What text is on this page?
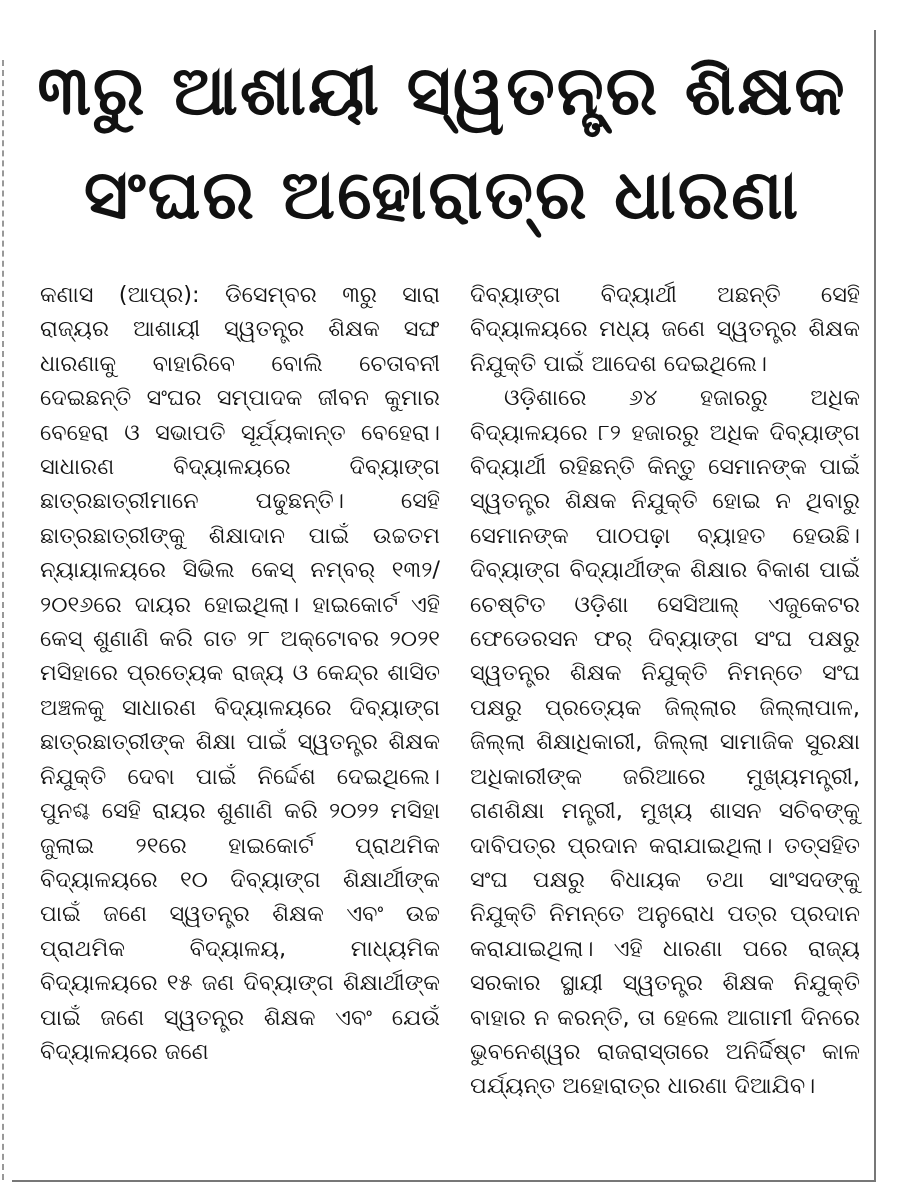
୩ରୁ ଆଶାୟୀ ସ୍ୱତନ୍ତ୍ର ଶିକ୍ଷକ
ସଂଘର ଅହୋରାତ୍ର ଧାରଣା

କଣାସ (ଆପ୍ର): ଡିସେମ୍ବର ୩ରୁ ସାରା ରାଜ୍ୟର ଆଶାୟୀ ସ୍ୱତନ୍ତ୍ର ଶିକ୍ଷକ ସଙ୍ଘ ଧାରଣାକୁ ବାହାରିବେ ବୋଲି ଚେତାବନୀ ଦେଇଛନ୍ତି ସଂଘର ସମ୍ପାଦକ ଜୀବନ କୁମାର ବେହେରା ଓ ସଭାପତି ସୂର୍ଯ୍ୟକାନ୍ତ ବେହେରା। ସାଧାରଣ ବିଦ୍ୟାଳୟରେ ଦିବ୍ୟାଙ୍ଗ ଛାତ୍ରଛାତ୍ରୀମାନେ ପଢୁଛନ୍ତି। ସେହି ଛାତ୍ରଛାତ୍ରୀଙ୍କୁ ଶିକ୍ଷାଦାନ ପାଇଁ ଉଚ୍ଚତମ ନ୍ୟାୟାଳୟରେ ସିଭିଲ କେସ୍ ନମ୍ବର୍ ୧୩୨/ ୨୦୧୬ରେ ଦାୟର ହୋଇଥିଲା। ହାଇକୋର୍ଟ ଏହି କେସ୍ ଶୁଣାଣି କରି ଗତ ୨୮ ଅକ୍ଟୋବର ୨୦୨୧ ମସିହାରେ ପ୍ରତ୍ୟେକ ରାଜ୍ୟ ଓ କେନ୍ଦ୍ର ଶାସିତ ଅଞ୍ଚଳକୁ ସାଧାରଣ ବିଦ୍ୟାଳୟରେ ଦିବ୍ୟାଙ୍ଗ ଛାତ୍ରଛାତ୍ରୀଙ୍କ ଶିକ୍ଷା ପାଇଁ ସ୍ୱତନ୍ତ୍ର ଶିକ୍ଷକ ନିଯୁକ୍ତି ଦେବା ପାଇଁ ନିର୍ଦ୍ଦେଶ ଦେଇଥିଲେ। ପୁନଶ୍ଚ ସେହି ରାୟର ଶୁଣାଣି କରି ୨୦୨୨ ମସିହା ଜୁଲାଇ ୨୧ରେ ହାଇକୋର୍ଟ ପ୍ରାଥମିକ ବିଦ୍ୟାଳୟରେ ୧୦ ଦିବ୍ୟାଙ୍ଗ ଶିକ୍ଷାର୍ଥୀଙ୍କ ପାଇଁ ଜଣେ ସ୍ୱତନ୍ତ୍ର ଶିକ୍ଷକ ଏବଂ ଉଚ୍ଚ ପ୍ରାଥମିକ ବିଦ୍ୟାଳୟ, ମାଧ୍ୟମିକ ବିଦ୍ୟାଳୟରେ ୧୫ ଜଣ ଦିବ୍ୟାଙ୍ଗ ଶିକ୍ଷାର୍ଥୀଙ୍କ ପାଇଁ ଜଣେ ସ୍ୱତନ୍ତ୍ର ଶିକ୍ଷକ ଏବଂ ଯେଉଁ ବିଦ୍ୟାଳୟରେ ଜଣେ

ଦିବ୍ୟାଙ୍ଗ ବିଦ୍ୟାର୍ଥୀ ଅଛନ୍ତି ସେହି ବିଦ୍ୟାଳୟରେ ମଧ୍ୟ ଜଣେ ସ୍ୱତନ୍ତ୍ର ଶିକ୍ଷକ ନିଯୁକ୍ତି ପାଇଁ ଆଦେଶ ଦେଇଥିଲେ।

ଓଡ଼ିଶାରେ ୬୪ ହଜାରରୁ ଅଧିକ ବିଦ୍ୟାଳୟରେ ୮୨ ହଜାରରୁ ଅଧିକ ଦିବ୍ୟାଙ୍ଗ ବିଦ୍ୟାର୍ଥୀ ରହିଛନ୍ତି କିନ୍ତୁ ସେମାନଙ୍କ ପାଇଁ ସ୍ୱତନ୍ତ୍ର ଶିକ୍ଷକ ନିଯୁକ୍ତି ହୋଇ ନ ଥିବାରୁ ସେମାନଙ୍କ ପାଠପଢ଼ା ବ୍ୟାହତ ହେଉଛି। ଦିବ୍ୟାଙ୍ଗ ବିଦ୍ୟାର୍ଥୀଙ୍କ ଶିକ୍ଷାର ବିକାଶ ପାଇଁ ଚେଷ୍ଟିତ ଓଡ଼ିଶା ସେସିଆଲ୍ ଏଜୁକେଟର ଫେଡେରସନ ଫର୍ ଦିବ୍ୟାଙ୍ଗ ସଂଘ ପକ୍ଷରୁ ସ୍ୱତନ୍ତ୍ର ଶିକ୍ଷକ ନିଯୁକ୍ତି ନିମନ୍ତେ ସଂଘ ପକ୍ଷରୁ ପ୍ରତ୍ୟେକ ଜିଲ୍ଲାର ଜିଲ୍ଲାପାଳ, ଜିଲ୍ଲା ଶିକ୍ଷାଧିକାରୀ, ଜିଲ୍ଲା ସାମାଜିକ ସୁରକ୍ଷା ଅଧିକାରୀଙ୍କ ଜରିଆରେ ମୁଖ୍ୟମନ୍ତ୍ରୀ, ଗଣଶିକ୍ଷା ମନ୍ତ୍ରୀ, ମୁଖ୍ୟ ଶାସନ ସଚିବଙ୍କୁ ଦାବିପତ୍ର ପ୍ରଦାନ କରାଯାଇଥିଲା। ତତ୍‌ସହିତ ସଂଘ ପକ୍ଷରୁ ବିଧାୟକ ତଥା ସାଂସଦଙ୍କୁ ନିଯୁକ୍ତି ନିମନ୍ତେ ଅନୁରୋଧ ପତ୍ର ପ୍ରଦାନ କରାଯାଇଥିଲା। ଏହି ଧାରଣା ପରେ ରାଜ୍ୟ ସରକାର ସ୍ଥାୟୀ ସ୍ୱତନ୍ତ୍ର ଶିକ୍ଷକ ନିଯୁକ୍ତି ବାହାର ନ କରନ୍ତି, ତା ହେଲେ ଆଗାମୀ ଦିନରେ ଭୁବନେଶ୍ୱର ରାଜରାସ୍ତାରେ ଅନିର୍ଦ୍ଦିଷ୍ଟ କାଳ ପର୍ଯ୍ୟନ୍ତ ଅହୋରାତ୍ର ଧାରଣା ଦିଆଯିବ।
